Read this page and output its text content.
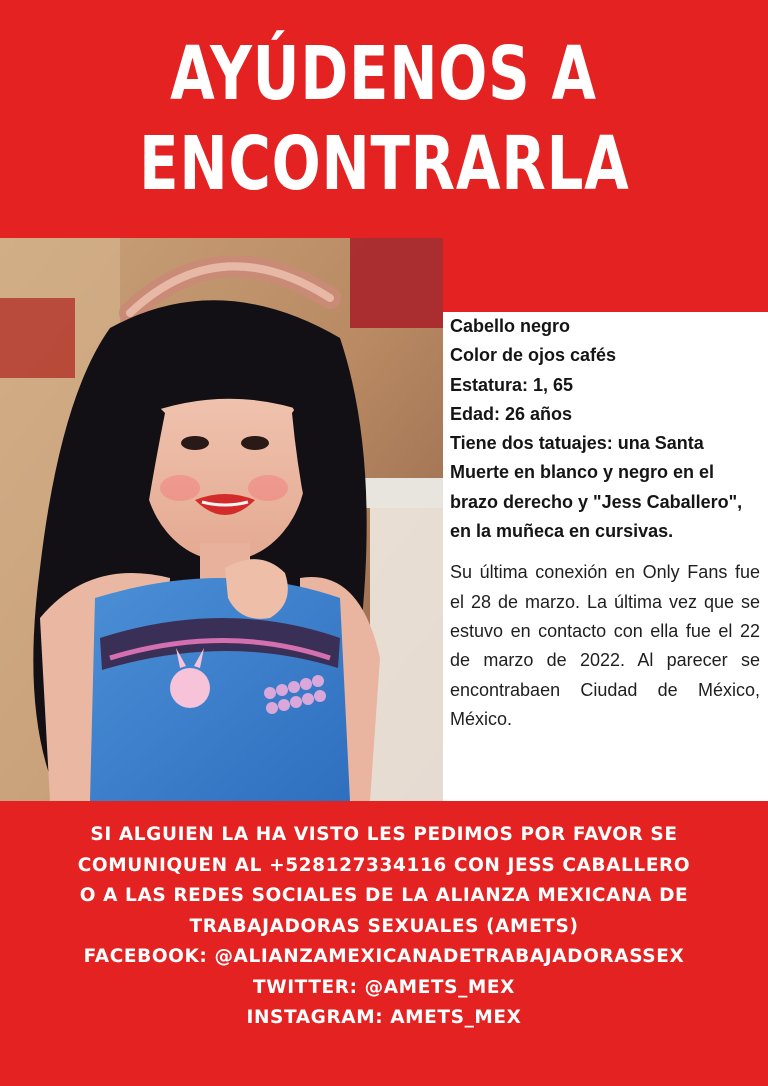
AYÚDENOS A
ENCONTRARLA
Cabello negro
Color de ojos cafés
Estatura: 1, 65
Edad: 26 años
Tiene dos tatuajes: una Santa Muerte en blanco y negro en el brazo derecho y "Jess Caballero", en la muñeca en cursivas.

Su última conexión en Only Fans fue el 28 de marzo. La última vez que se estuvo en contacto con ella fue el 22 de marzo de 2022. Al parecer se encontrabaen Ciudad de México, México.

SI ALGUIEN LA HA VISTO LES PEDIMOS POR FAVOR SE
COMUNIQUEN AL +528127334116 CON JESS CABALLERO
O A LAS REDES SOCIALES DE LA ALIANZA MEXICANA DE
TRABAJADORAS SEXUALES (AMETS)
FACEBOOK: @ALIANZAMEXICANADETRABAJADORASSEX
TWITTER: @AMETS_MEX
INSTAGRAM: AMETS_MEX
